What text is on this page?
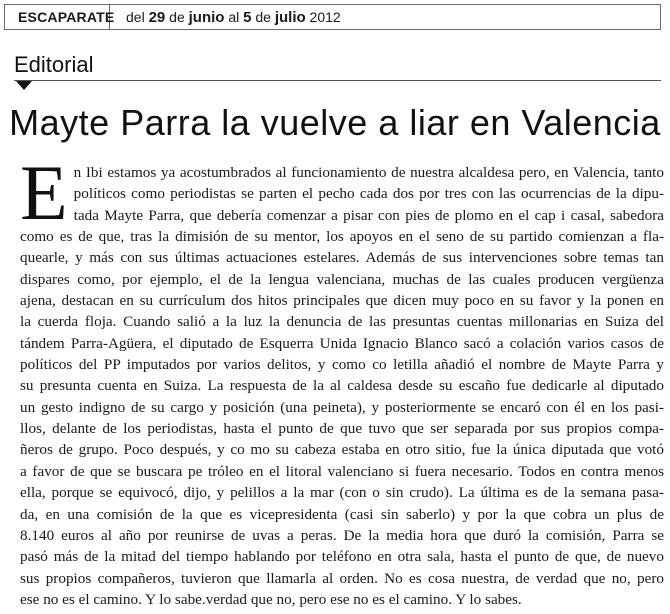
ESCAPARATE del 29 de junio al 5 de julio 2012
Editorial
Mayte Parra la vuelve a liar en Valencia
E n Ibi estamos ya acostumbrados al funcionamiento de nuestra alcaldesa pero, en Valencia, tanto
políticos como periodistas se parten el pecho cada dos por tres con las ocurrencias de la dipu-
tada Mayte Parra, que debería comenzar a pisar con pies de plomo en el cap i casal, sabedora
como es de que, tras la dimisión de su mentor, los apoyos en el seno de su partido comienzan a fla-
quearle, y más con sus últimas actuaciones estelares. Además de sus intervenciones sobre temas tan
dispares como, por ejemplo, el de la lengua valenciana, muchas de las cuales producen vergüenza
ajena, destacan en su currículum dos hitos principales que dicen muy poco en su favor y la ponen en
la cuerda floja. Cuando salió a la luz la denuncia de las presuntas cuentas millonarias en Suiza del
tándem Parra-Agüera, el diputado de Esquerra Unida Ignacio Blanco sacó a colación varios casos de
políticos del PP imputados por varios delitos, y como co letilla añadió el nombre de Mayte Parra y
su presunta cuenta en Suiza. La respuesta de la al caldesa desde su escaño fue dedicarle al diputado
un gesto indigno de su cargo y posición (una peineta), y posteriormente se encaró con él en los pasi-
llos, delante de los periodistas, hasta el punto de que tuvo que ser separada por sus propios compa-
ñeros de grupo. Poco después, y co mo su cabeza estaba en otro sitio, fue la única diputada que votó
a favor de que se buscara pe tróleo en el litoral valenciano si fuera necesario. Todos en contra menos
ella, porque se equivocó, dijo, y pelillos a la mar (con o sin crudo). La última es de la semana pasa-
da, en una comisión de la que es vicepresidenta (casi sin saberlo) y por la que cobra un plus de
8.140 euros al año por reunirse de uvas a peras. De la media hora que duró la comisión, Parra se
pasó más de la mitad del tiempo hablando por teléfono en otra sala, hasta el punto de que, de nuevo
sus propios compañeros, tuvieron que llamarla al orden. No es cosa nuestra, de verdad que no, pero
ese no es el camino. Y lo sabe.verdad que no, pero ese no es el camino. Y lo sabes.
